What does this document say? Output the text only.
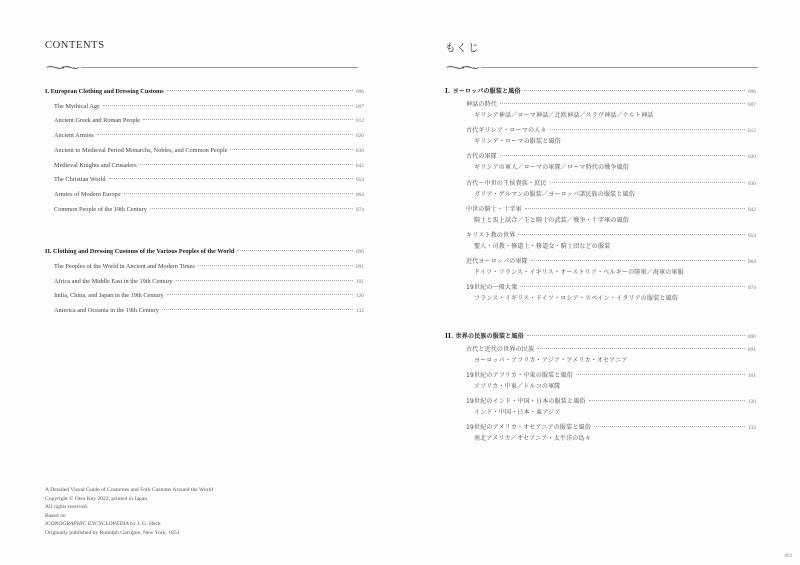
CONTENTS
I. European Clothing and Dressing Customs	006
The Mythical Age	007
Ancient Greek and Roman People	012
Ancient Armies	020
Ancient to Medieval Period Monarchs, Nobles, and Common People	030
Medieval Knights and Crusaders	042
The Christian World	054
Armies of Modern Europe	064
Common People of the 19th Century	074
II. Clothing and Dressing Customs of the Various Peoples of the World	090
The Peoples of the World in Ancient and Modern Times	091
Africa and the Middle East in the 19th Century	101
India, China, and Japan in the 19th Century	120
America and Oceania in the 19th Century	132
A Detailed Visual Guide of Costumes and Folk Customs Around the World
Copyright © Otsu Key 2022, printed in Japan
All rights reserved.
Based on
ICONOGRAPHIC ENCYCLOPEDIA by J. G. Heck
Originally published by Rudolph Garrigue, New York, 1851
もくじ
I. ヨーロッパの服装と風俗	006
神話の時代	007
ギリシア神話／ローマ神話／北欧神話／スラヴ神話／ケルト神話
古代ギリシア・ローマの人々	012
ギリシア・ローマの服装と風俗
古代の軍隊	020
ギリシアの軍人／ローマの軍隊／ローマ時代の戦争風俗
古代〜中世の王侯貴族・庶民	030
ガリア・ゲルマンの服装／ヨーロッパ諸民族の服装と風俗
中世の騎士・十字軍	042
騎士と馬上試合／王と騎士の武装／戦争・十字軍の風俗
キリスト教の世界	054
聖人・司教・修道士・修道女・騎士団などの服装
近代ヨーロッパの軍隊	064
ドイツ・フランス・イギリス・オーストリア・ベルギーの陸軍／海軍の軍服
19世紀の一般大衆	074
フランス・イギリス・ドイツ・ロシア・スペイン・イタリアの服装と風俗
II. 世界の民族の服装と風俗	090
古代と近代の世界の民族	091
ヨーロッパ・アフリカ・アジア・アメリカ・オセアニア
19世紀のアフリカ・中東の服装と風俗	101
アフリカ・中東／トルコの軍隊
19世紀のインド・中国・日本の服装と風俗	120
インド・中国・日本・東アジア
19世紀のアメリカ・オセアニアの服装と風俗	132
南北アメリカ／オセアニア・太平洋の島々
003
